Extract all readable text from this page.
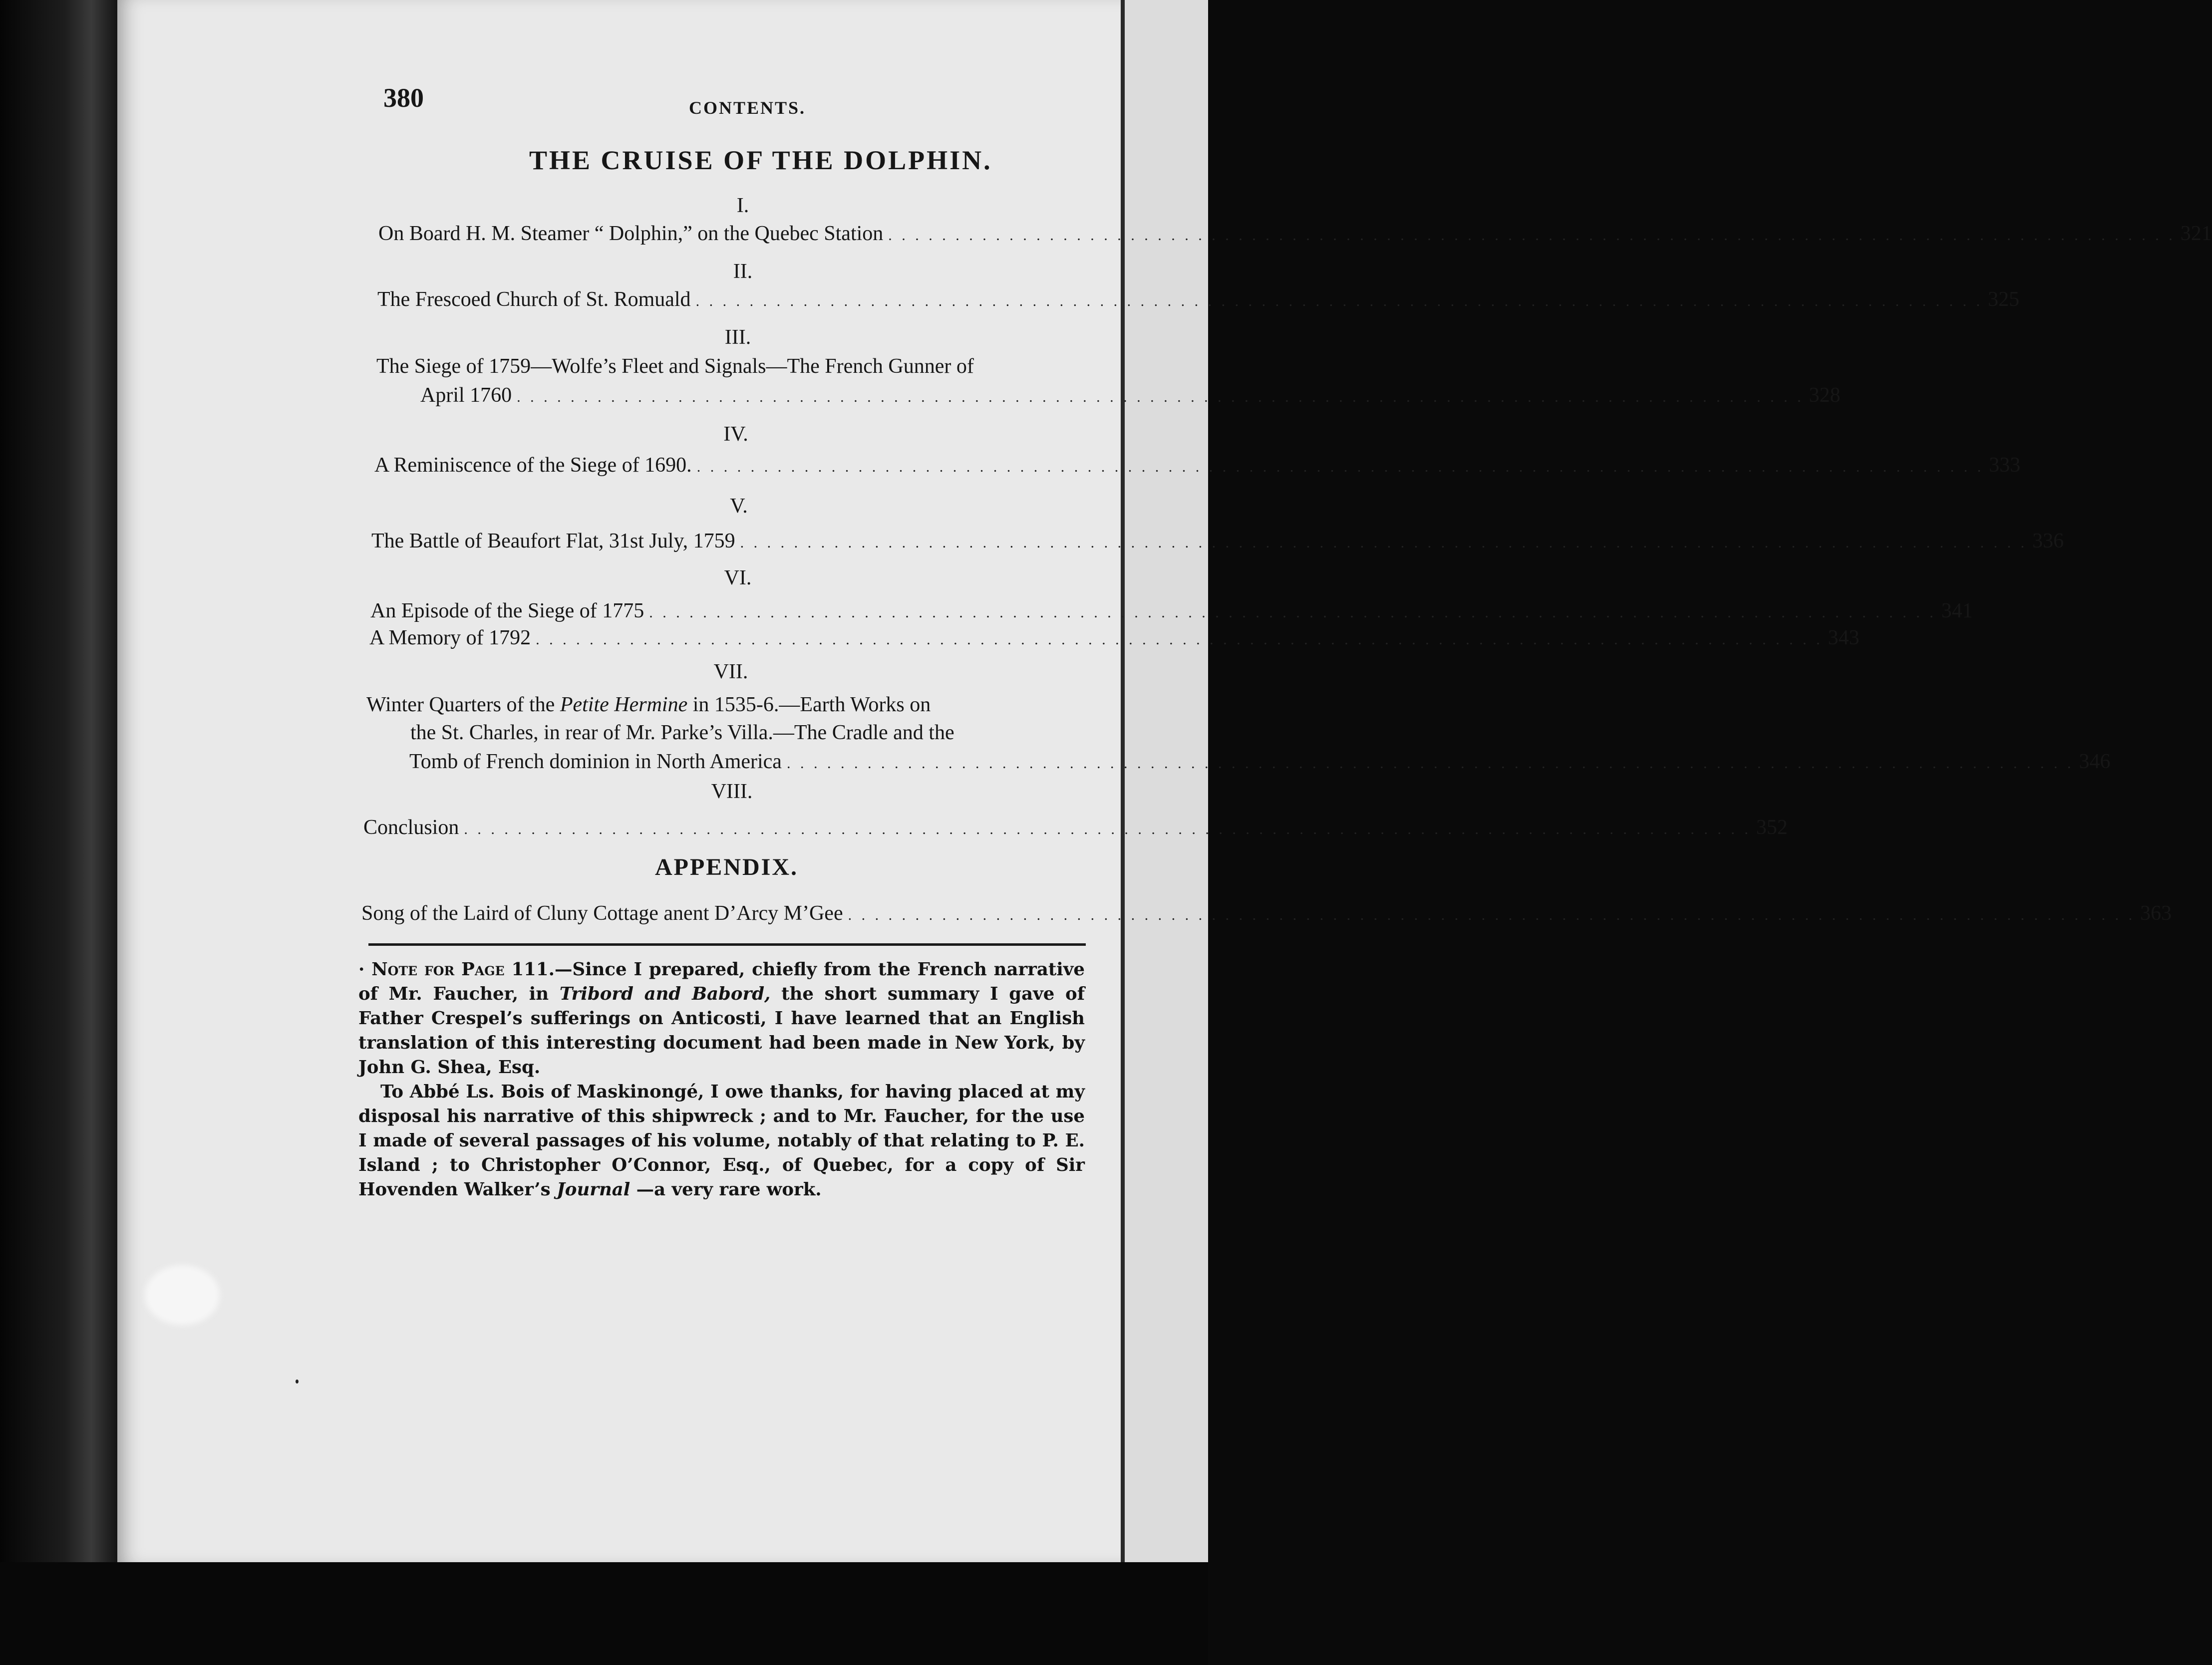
380	CONTENTS.
THE CRUISE OF THE DOLPHIN.
I.
On Board H. M. Steamer “ Dolphin,” on the Quebec Station . . . . . . . . . . . . . . . . . . . . . . . . . . . . . . . . . . . . . . . . . . . . . . . . . . . . . . . . . . . . . . . . . . . . . . . . . . . . . . . . . . . . . . . . . . . . . . . . 321
II.
The Frescoed Church of St. Romuald . . . . . . . . . . . . . . . . . . . . . . . . . . . . . . . . . . . . . . . . . . . . . . . . . . . . . . . . . . . . . . . . . . . . . . . . . . . . . . . . . . . . . . . . . . . . . . . . 325
III.
The Siege of 1759—Wolfe’s Fleet and Signals—The French Gunner of
April 1760 . . . . . . . . . . . . . . . . . . . . . . . . . . . . . . . . . . . . . . . . . . . . . . . . . . . . . . . . . . . . . . . . . . . . . . . . . . . . . . . . . . . . . . . . . . . . . . . . 328
IV.
A Reminiscence of the Siege of 1690. . . . . . . . . . . . . . . . . . . . . . . . . . . . . . . . . . . . . . . . . . . . . . . . . . . . . . . . . . . . . . . . . . . . . . . . . . . . . . . . . . . . . . . . . . . . . . . . . 333
V.
The Battle of Beaufort Flat, 31st July, 1759 . . . . . . . . . . . . . . . . . . . . . . . . . . . . . . . . . . . . . . . . . . . . . . . . . . . . . . . . . . . . . . . . . . . . . . . . . . . . . . . . . . . . . . . . . . . . . . . . 336
VI.
An Episode of the Siege of 1775 . . . . . . . . . . . . . . . . . . . . . . . . . . . . . . . . . . . . . . . . . . . . . . . . . . . . . . . . . . . . . . . . . . . . . . . . . . . . . . . . . . . . . . . . . . . . . . . . 341
A Memory of 1792 . . . . . . . . . . . . . . . . . . . . . . . . . . . . . . . . . . . . . . . . . . . . . . . . . . . . . . . . . . . . . . . . . . . . . . . . . . . . . . . . . . . . . . . . . . . . . . . . 343
VII.
Winter Quarters of the Petite Hermine in 1535-6.—Earth Works on
the St. Charles, in rear of Mr. Parke’s Villa.—The Cradle and the
Tomb of French dominion in North America . . . . . . . . . . . . . . . . . . . . . . . . . . . . . . . . . . . . . . . . . . . . . . . . . . . . . . . . . . . . . . . . . . . . . . . . . . . . . . . . . . . . . . . . . . . . . . . . 346
VIII.
Conclusion . . . . . . . . . . . . . . . . . . . . . . . . . . . . . . . . . . . . . . . . . . . . . . . . . . . . . . . . . . . . . . . . . . . . . . . . . . . . . . . . . . . . . . . . . . . . . . . . 352
APPENDIX.
Song of the Laird of Cluny Cottage anent D’Arcy M’Gee . . . . . . . . . . . . . . . . . . . . . . . . . . . . . . . . . . . . . . . . . . . . . . . . . . . . . . . . . . . . . . . . . . . . . . . . . . . . . . . . . . . . . . . . . . . . . . . . 363

· Note for Page 111.—Since I prepared, chiefly from the French narrative of Mr. Faucher, in Tribord and Babord, the short summary I gave of Father Crespel’s sufferings on Anticosti, I have learned that an English translation of this interesting document had been made in New York, by John G. Shea, Esq.

To Abbé Ls. Bois of Maskinongé, I owe thanks, for having placed at my disposal his narrative of this shipwreck ; and to Mr. Faucher, for the use I made of several passages of his volume, notably of that relating to P. E. Island ; to Christopher O’Connor, Esq., of Quebec, for a copy of Sir Hovenden Walker’s Journal —a very rare work.
